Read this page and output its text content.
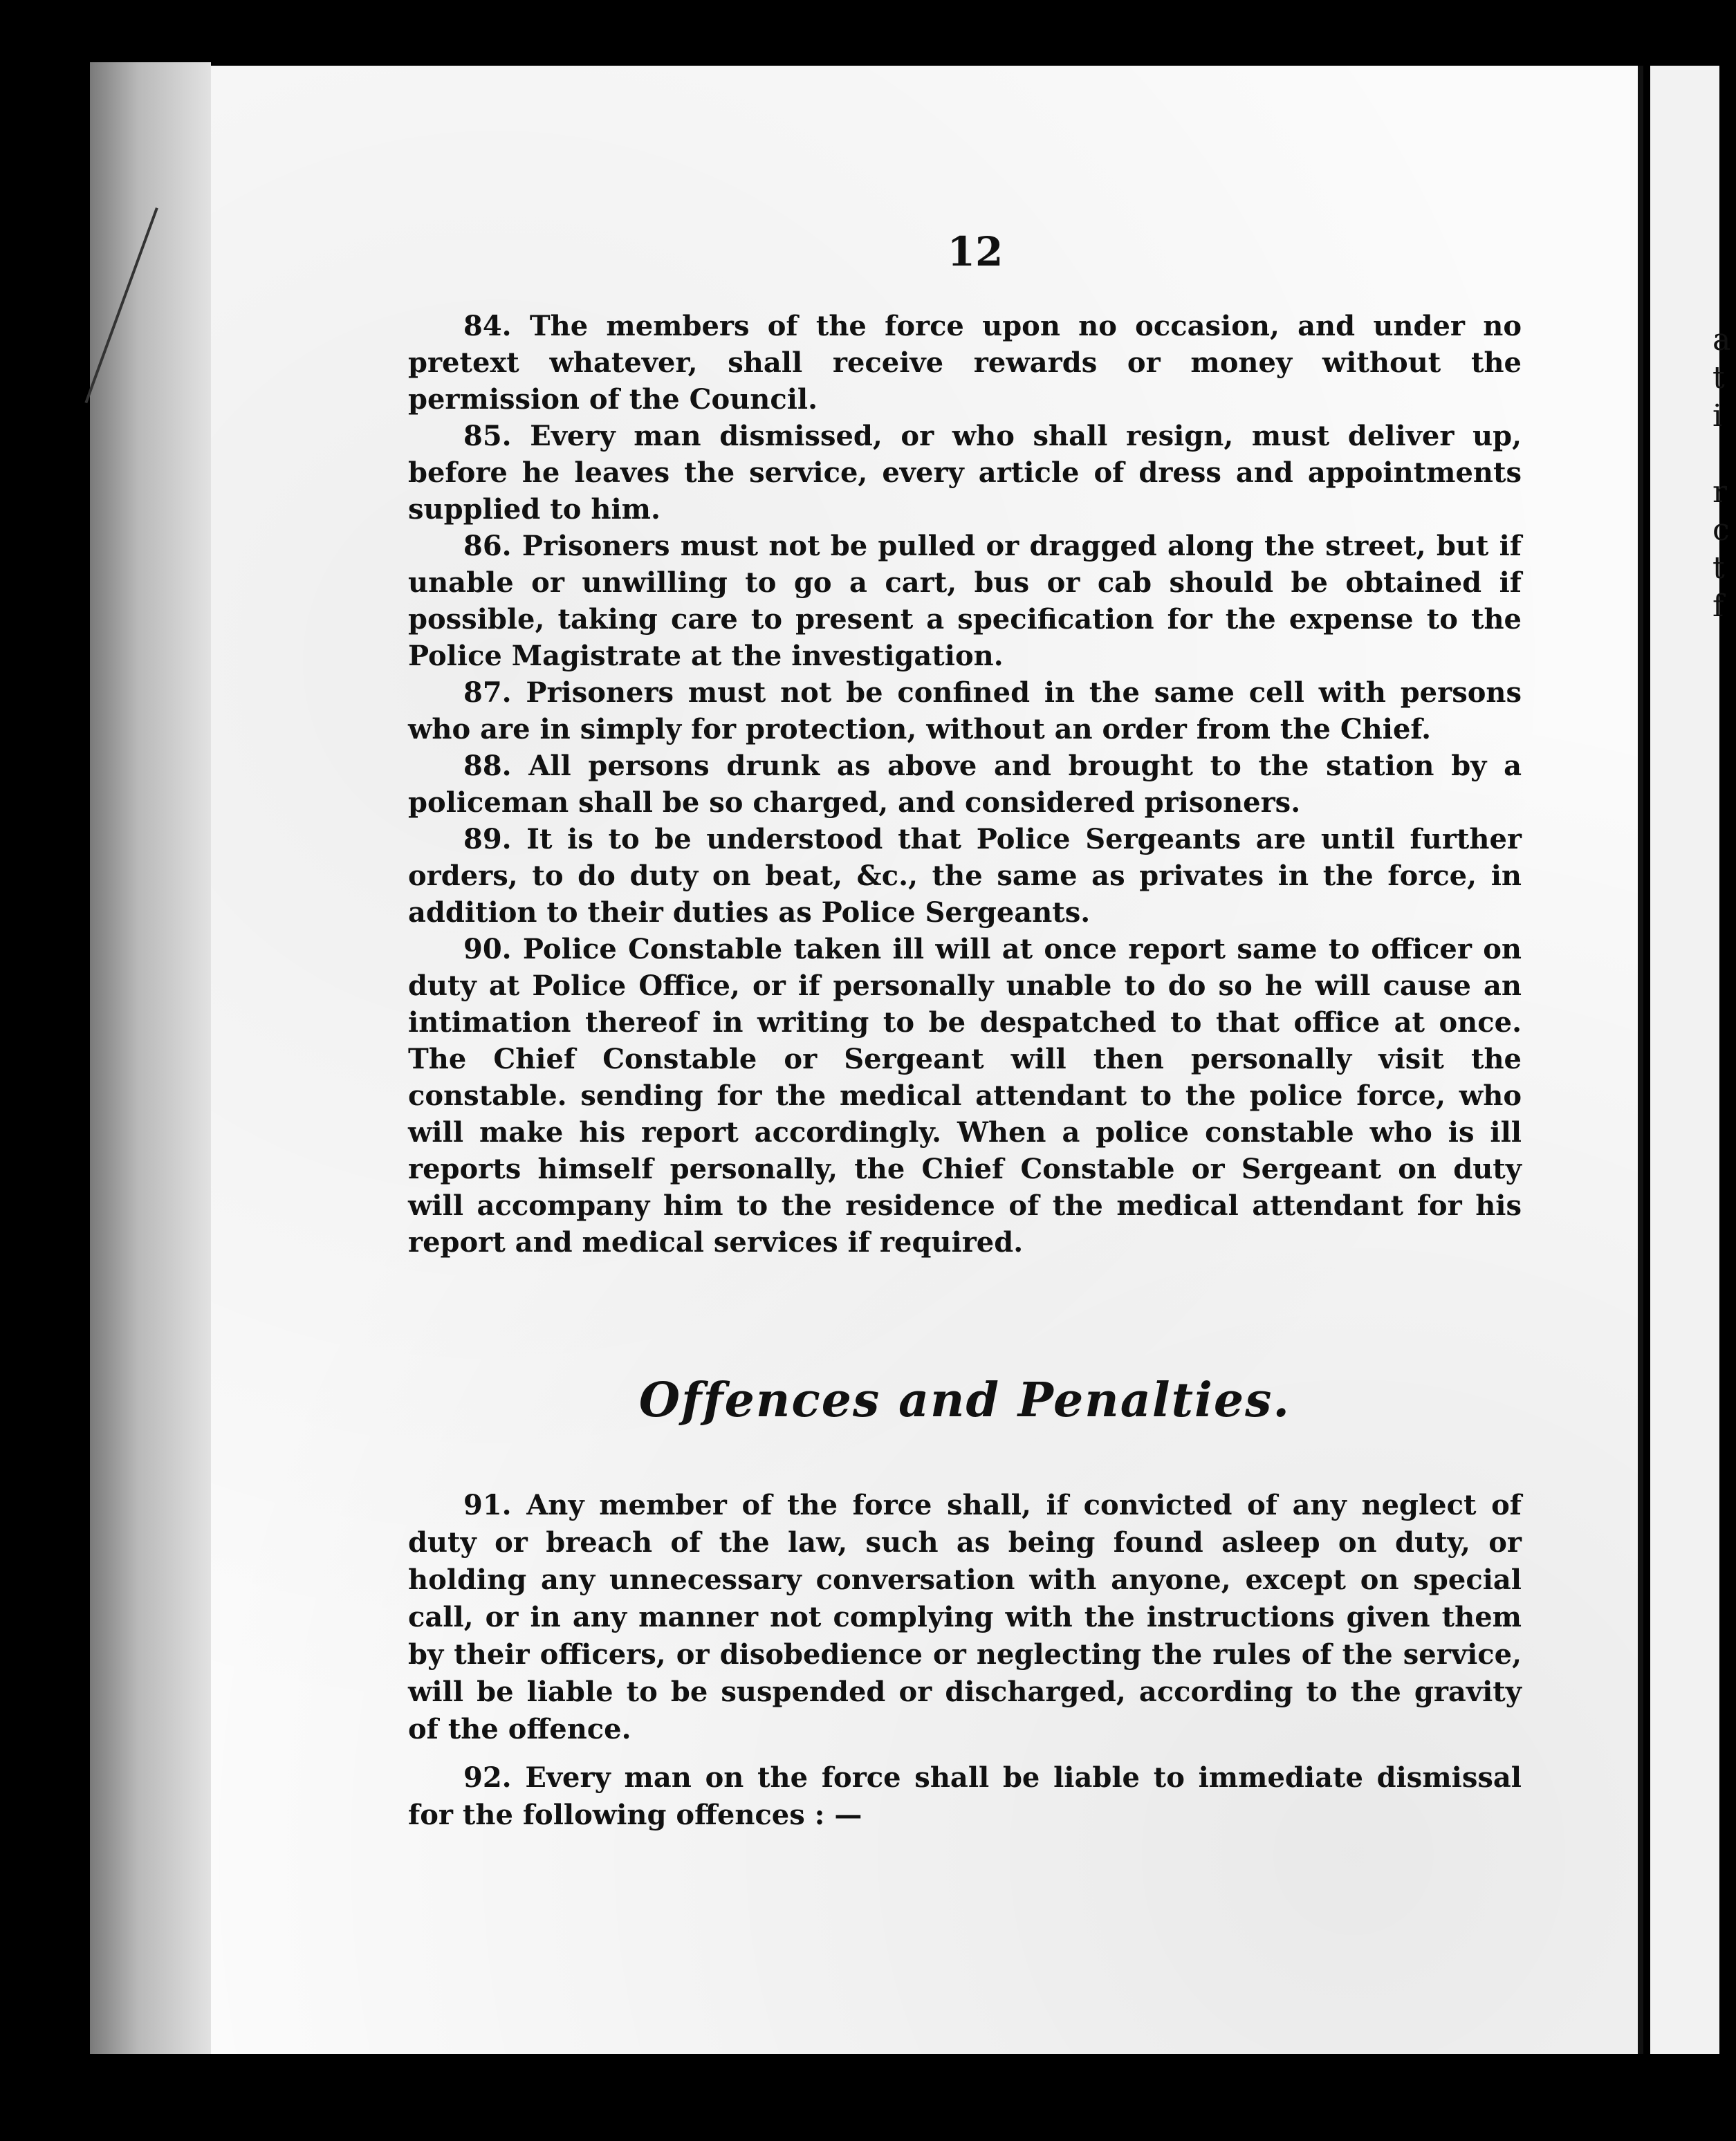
a
t
i
r
c
t
f
12

84. The members of the force upon no occasion, and under no pretext whatever, shall receive rewards or money without the permission of the Council.

85. Every man dismissed, or who shall resign, must deliver up, before he leaves the service, every article of dress and appointments supplied to him.

86. Prisoners must not be pulled or dragged along the street, but if unable or unwilling to go a cart, bus or cab should be obtained if possible, taking care to present a specification for the expense to the Police Magistrate at the investigation.

87. Prisoners must not be confined in the same cell with persons who are in simply for protection, without an order from the Chief.

88. All persons drunk as above and brought to the station by a policeman shall be so charged, and considered prisoners.

89. It is to be understood that Police Sergeants are until further orders, to do duty on beat, &c., the same as privates in the force, in addition to their duties as Police Sergeants.

90. Police Constable taken ill will at once report same to officer on duty at Police Office, or if personally unable to do so he will cause an intimation thereof in writing to be despatched to that office at once. The Chief Constable or Sergeant will then personally visit the constable. sending for the medical attendant to the police force, who will make his report accordingly. When a police constable who is ill reports himself personally, the Chief Constable or Sergeant on duty will accompany him to the residence of the medical attendant for his report and medical services if required.

Offences and Penalties.

91. Any member of the force shall, if convicted of any neglect of duty or breach of the law, such as being found asleep on duty, or holding any unnecessary conversation with anyone, except on special call, or in any manner not complying with the instructions given them by their officers, or disobedience or neglecting the rules of the service, will be liable to be suspended or discharged, according to the gravity of the offence.

92. Every man on the force shall be liable to immediate dismissal for the following offences : —
